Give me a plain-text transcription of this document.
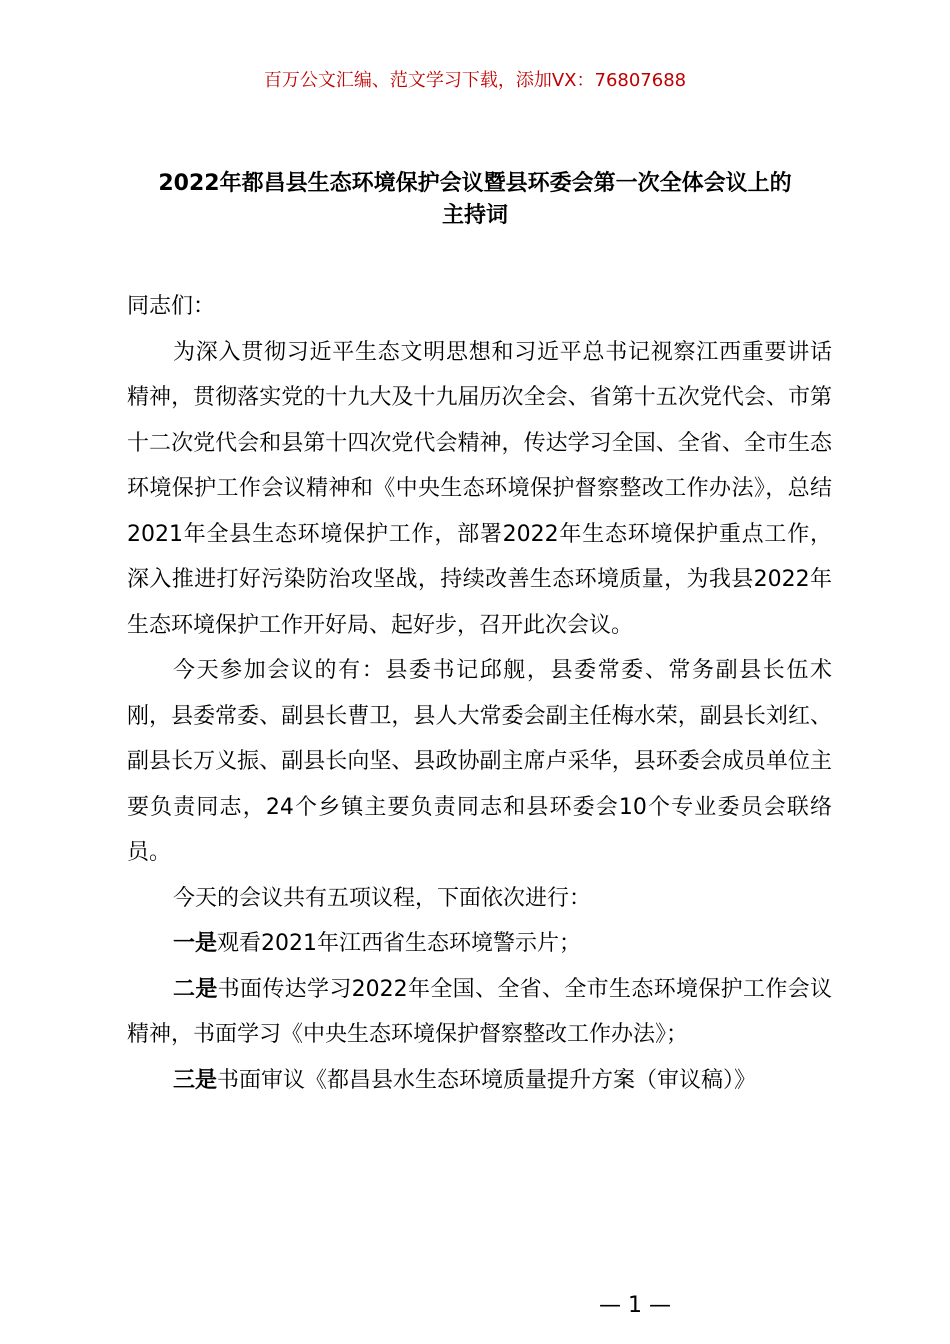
百万公文汇编、范文学习下载，添加VX：76807688
2022年都昌县生态环境保护会议暨县环委会第一次全体会议上的
主持词

同志们：

为深入贯彻习近平生态文明思想和习近平总书记视察江西重要讲话精神，贯彻落实党的十九大及十九届历次全会、省第十五次党代会、市第十二次党代会和县第十四次党代会精神，传达学习全国、全省、全市生态环境保护工作会议精神和《中央生态环境保护督察整改工作办法》，总结2021年全县生态环境保护工作，部署2022年生态环境保护重点工作，深入推进打好污染防治攻坚战，持续改善生态环境质量，为我县2022年生态环境保护工作开好局、起好步，召开此次会议。

今天参加会议的有：县委书记邱舰，县委常委、常务副县长伍术刚，县委常委、副县长曹卫，县人大常委会副主任梅水荣，副县长刘红、副县长万义振、副县长向坚、县政协副主席卢采华，县环委会成员单位主要负责同志，24个乡镇主要负责同志和县环委会10个专业委员会联络员。

今天的会议共有五项议程，下面依次进行：

一是观看2021年江西省生态环境警示片；

二是书面传达学习2022年全国、全省、全市生态环境保护工作会议精神，书面学习《中央生态环境保护督察整改工作办法》；

三是书面审议《都昌县水生态环境质量提升方案（审议稿）》

— 1 —
